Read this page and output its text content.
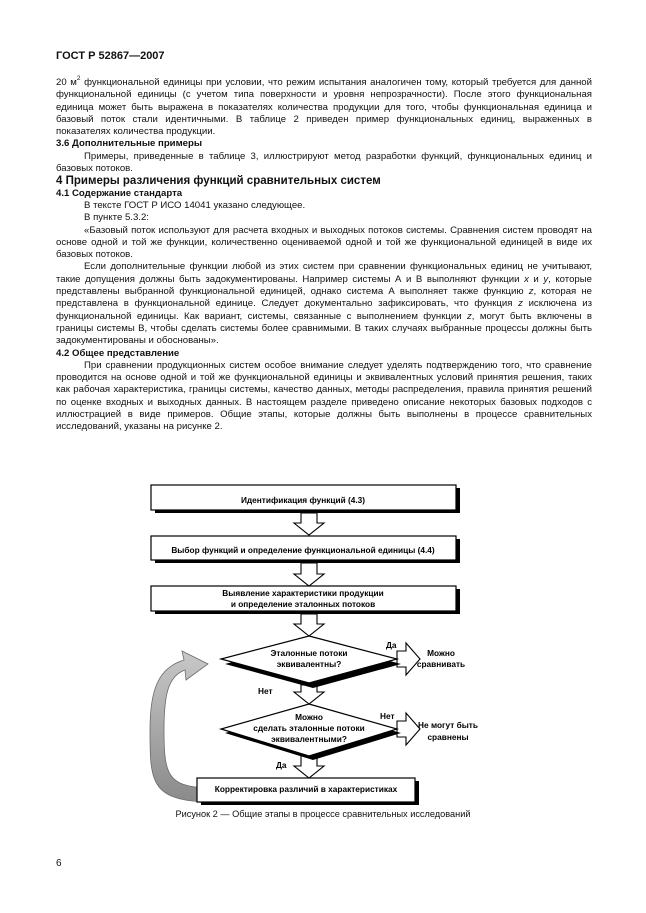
ГОСТ Р 52867—2007

20 $м^2$ функциональной единицы при условии, что режим испытания аналогичен тому, который требуется для данной функциональной единицы (с учетом типа поверхности и уровня непрозрачности). После этого функциональная единица может быть выражена в показателях количества продукции для того, чтобы функциональная единица и базовый поток стали идентичными. В таблице 2 приведен пример функциональных единиц, выраженных в показателях количества продукции.

3.6 Дополнительные примеры

Примеры, приведенные в таблице 3, иллюстрируют метод разработки функций, функциональных единиц и базовых потоков.

4 Примеры различения функций сравнительных систем

4.1 Содержание стандарта

В тексте ГОСТ Р ИСО 14041 указано следующее.

В пункте 5.3.2:

«Базовый поток используют для расчета входных и выходных потоков системы. Сравнения систем проводят на основе одной и той же функции, количественно оцениваемой одной и той же функциональной единицей в виде их базовых потоков.

Если дополнительные функции любой из этих систем при сравнении функциональных единиц не учитывают, такие допущения должны быть задокументированы. Например системы А и В выполняют функции x и y, которые представлены выбранной функциональной единицей, однако система А выполняет также функцию z, которая не представлена в функциональной единице. Следует документально зафиксировать, что функция z исключена из функциональной единицы. Как вариант, системы, связанные с выполнением функции z, могут быть включены в границы системы В, чтобы сделать системы более сравнимыми. В таких случаях выбранные процессы должны быть задокументированы и обоснованы».

4.2 Общее представление

При сравнении продукционных систем особое внимание следует уделять подтверждению того, что сравнение проводится на основе одной и той же функциональной единицы и эквивалентных условий принятия решения, таких как рабочая характеристика, границы системы, качество данных, методы распределения, правила принятия решений по оценке входных и выходных данных. В настоящем разделе приведено описание некоторых базовых подходов с иллюстрацией в виде примеров. Общие этапы, которые должны быть выполнены в процессе сравнительных исследований, указаны на рисунке 2.

Идентификация функций (4.3)
Выбор функций и определение функциональной единицы (4.4)
Выявление характеристики продукции
и определение эталонных потоков
Эталонные потоки
эквивалентны?
Да
Нет
Можно
сравнивать
Можно
сделать эталонные потоки
эквивалентными?
Нет
Да
Не могут быть
сравнены
Корректировка различий в характеристиках
Рисунок 2 — Общие этапы в процессе сравнительных исследований
6
